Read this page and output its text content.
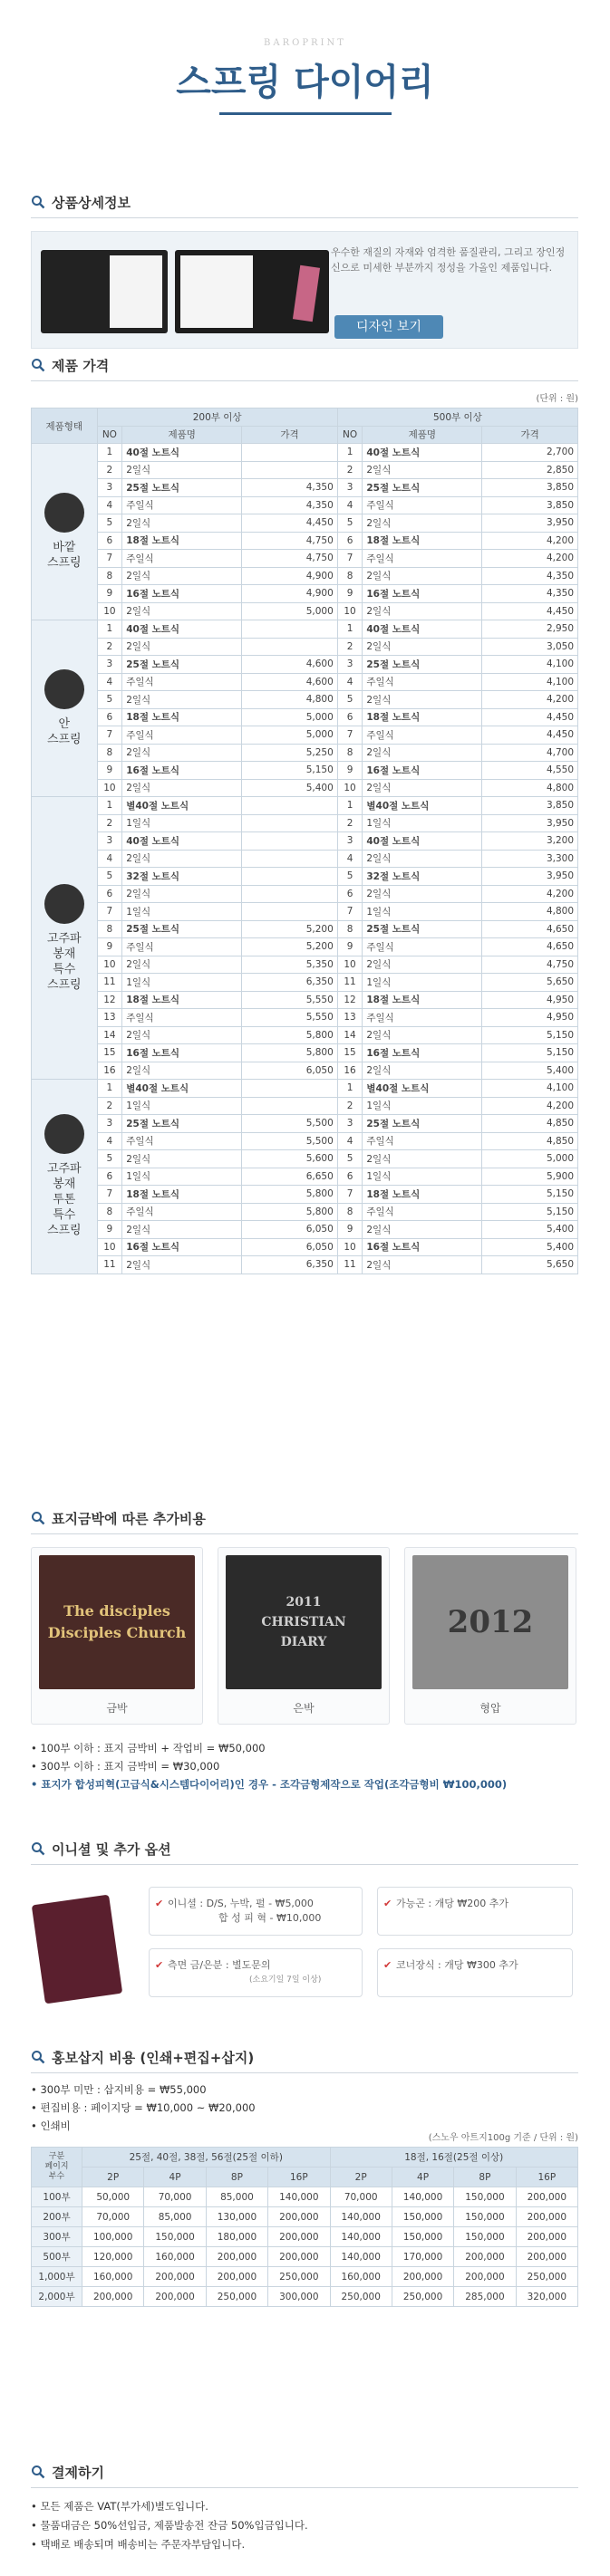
BAROPRINT
스프링 다이어리
상품상세정보
우수한 재질의 자재와 엄격한 품질관리, 그리고 장인정신으로 미세한 부분까지 정성을 가올인 제품입니다.
디자인 보기
제품 가격
(단위 : 원)
제품형태	200부 이상			500부 이상		
	NO	제품명	가격	NO	제품명	가격

바깥
스프링	1	40절 노트식		1	40절 노트식	2,700
	2	2일식		2	2일식	2,850
	3	25절 노트식	4,350	3	25절 노트식	3,850
	4	주일식	4,350	4	주일식	3,850
	5	2일식	4,450	5	2일식	3,950
	6	18절 노트식	4,750	6	18절 노트식	4,200
	7	주일식	4,750	7	주일식	4,200
	8	2일식	4,900	8	2일식	4,350
	9	16절 노트식	4,900	9	16절 노트식	4,350
	10	2일식	5,000	10	2일식	4,450

안
스프링	1	40절 노트식		1	40절 노트식	2,950
	2	2일식		2	2일식	3,050
	3	25절 노트식	4,600	3	25절 노트식	4,100
	4	주일식	4,600	4	주일식	4,100
	5	2일식	4,800	5	2일식	4,200
	6	18절 노트식	5,000	6	18절 노트식	4,450
	7	주일식	5,000	7	주일식	4,450
	8	2일식	5,250	8	2일식	4,700
	9	16절 노트식	5,150	9	16절 노트식	4,550
	10	2일식	5,400	10	2일식	4,800

고주파
봉재
특수
스프링	1	별40절 노트식		1	별40절 노트식	3,850
	2	1일식		2	1일식	3,950
	3	40절 노트식		3	40절 노트식	3,200
	4	2일식		4	2일식	3,300
	5	32절 노트식		5	32절 노트식	3,950
	6	2일식		6	2일식	4,200
	7	1일식		7	1일식	4,800
	8	25절 노트식	5,200	8	25절 노트식	4,650
	9	주일식	5,200	9	주일식	4,650
	10	2일식	5,350	10	2일식	4,750
	11	1일식	6,350	11	1일식	5,650
	12	18절 노트식	5,550	12	18절 노트식	4,950
	13	주일식	5,550	13	주일식	4,950
	14	2일식	5,800	14	2일식	5,150
	15	16절 노트식	5,800	15	16절 노트식	5,150
	16	2일식	6,050	16	2일식	5,400

고주파
봉재
투톤
특수
스프링	1	별40절 노트식		1	별40절 노트식	4,100
	2	1일식		2	1일식	4,200
	3	25절 노트식	5,500	3	25절 노트식	4,850
	4	주일식	5,500	4	주일식	4,850
	5	2일식	5,600	5	2일식	5,000
	6	1일식	6,650	6	1일식	5,900
	7	18절 노트식	5,800	7	18절 노트식	5,150
	8	주일식	5,800	8	주일식	5,150
	9	2일식	6,050	9	2일식	5,400
	10	16절 노트식	6,050	10	16절 노트식	5,400
	11	2일식	6,350	11	2일식	5,650
표지금박에 따른 추가비용
The disciples
Disciples Church
금박
2011
CHRISTIAN
DIARY
은박
2012
형압
• 100부 이하 : 표지 금박비 + 작업비 = ₩50,000
• 300부 이하 : 표지 금박비 = ₩30,000
• 표지가 합성피혁(고급식&시스템다이어리)인 경우 - 조각금형제작으로 작업(조각금형비 ₩100,000)
이니셜 및 추가 옵션
✔ 이니셜 : D/S, 누박, 펄 - ₩5,000
합 성 피 혁 - ₩10,000
✔ 가능곤 : 개당 ₩200 추가
✔ 측면 금/은분 : 별도문의
(소요기일 7일 이상)
✔ 코너장식 : 개당 ₩300 추가
홍보삽지 비용 (인쇄+편집+삽지)
• 300부 미만 : 삽지비용 = ₩55,000
• 편집비용 : 페이지당 = ₩10,000 ~ ₩20,000
• 인쇄비
(스노우 아트지100g 기준 / 단위 : 원)
구분
페이지
부수	25절, 40절, 38절, 56절(25절 이하)				18절, 16절(25절 이상)			
	2P	4P	8P	16P	2P	4P	8P	16P
100부	50,000	70,000	85,000	140,000	70,000	140,000	150,000	200,000
200부	70,000	85,000	130,000	200,000	140,000	150,000	150,000	200,000
300부	100,000	150,000	180,000	200,000	140,000	150,000	150,000	200,000
500부	120,000	160,000	200,000	200,000	140,000	170,000	200,000	200,000
1,000부	160,000	200,000	200,000	250,000	160,000	200,000	200,000	250,000
2,000부	200,000	200,000	250,000	300,000	250,000	250,000	285,000	320,000
결제하기
• 모든 제품은 VAT(부가세)별도입니다.
• 물품대금은 50%선입금, 제품발송전 잔금 50%입금입니다.
• 택배로 배송되며 배송비는 주문자부담입니다.
